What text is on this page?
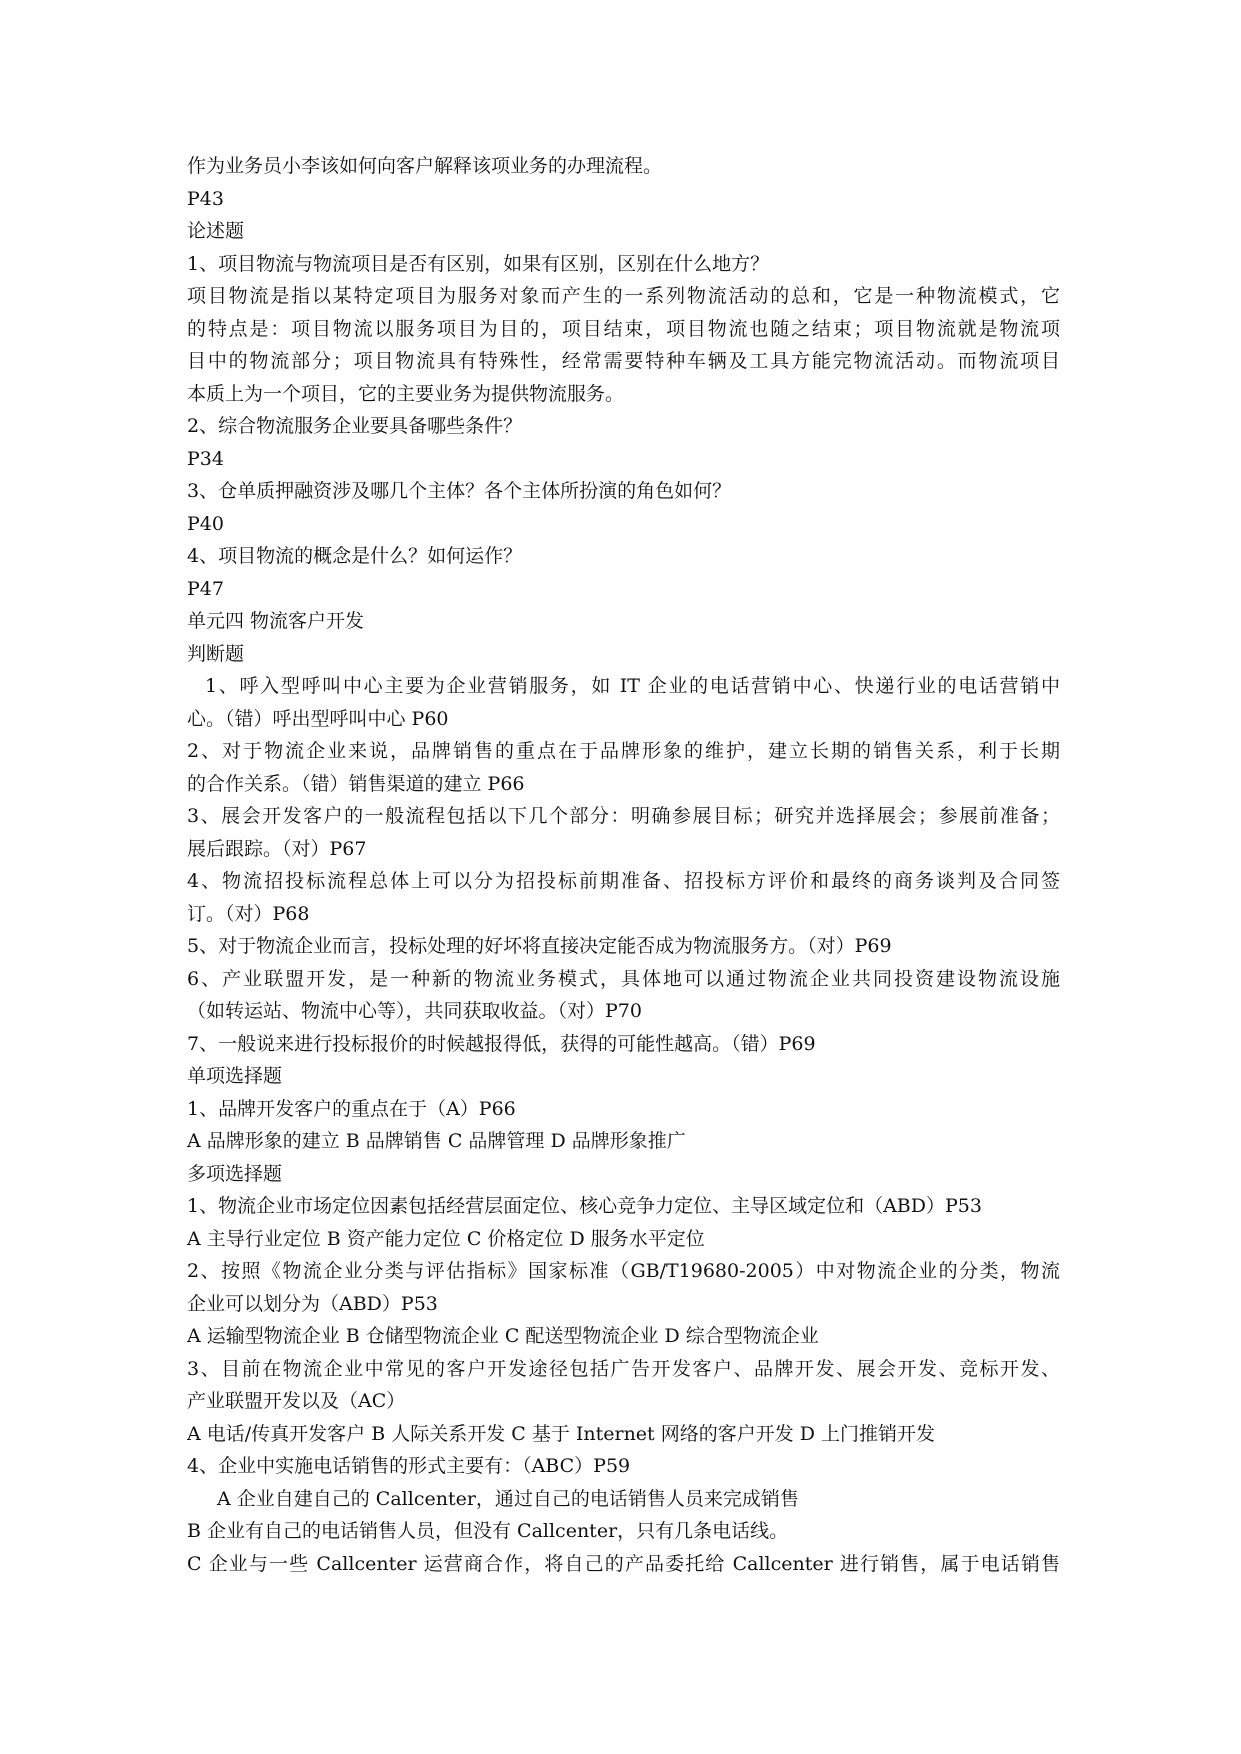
作为业务员小李该如何向客户解释该项业务的办理流程。
P43
论述题
1、项目物流与物流项目是否有区别，如果有区别，区别在什么地方？
项目物流是指以某特定项目为服务对象而产生的一系列物流活动的总和，它是一种物流模式，它
的特点是：项目物流以服务项目为目的，项目结束，项目物流也随之结束；项目物流就是物流项
目中的物流部分；项目物流具有特殊性，经常需要特种车辆及工具方能完物流活动。而物流项目
本质上为一个项目，它的主要业务为提供物流服务。
2、综合物流服务企业要具备哪些条件？
P34
3、仓单质押融资涉及哪几个主体？各个主体所扮演的角色如何？
P40
4、项目物流的概念是什么？如何运作？
P47
单元四 物流客户开发
判断题
1、呼入型呼叫中心主要为企业营销服务，如 IT 企业的电话营销中心、快递行业的电话营销中
心。（错）呼出型呼叫中心 P60
2、对于物流企业来说，品牌销售的重点在于品牌形象的维护，建立长期的销售关系，利于长期
的合作关系。（错）销售渠道的建立 P66
3、展会开发客户的一般流程包括以下几个部分：明确参展目标；研究并选择展会；参展前准备；
展后跟踪。（对）P67
4、物流招投标流程总体上可以分为招投标前期准备、招投标方评价和最终的商务谈判及合同签
订。（对）P68
5、对于物流企业而言，投标处理的好坏将直接决定能否成为物流服务方。（对）P69
6、产业联盟开发，是一种新的物流业务模式，具体地可以通过物流企业共同投资建设物流设施
（如转运站、物流中心等），共同获取收益。（对）P70
7、一般说来进行投标报价的时候越报得低，获得的可能性越高。（错）P69
单项选择题
1、品牌开发客户的重点在于（A）P66
A 品牌形象的建立 B 品牌销售 C 品牌管理 D 品牌形象推广
多项选择题
1、物流企业市场定位因素包括经营层面定位、核心竞争力定位、主导区域定位和（ABD）P53
A 主导行业定位 B 资产能力定位 C 价格定位 D 服务水平定位
2、按照《物流企业分类与评估指标》国家标准（GB/T19680-2005）中对物流企业的分类，物流
企业可以划分为（ABD）P53
A 运输型物流企业 B 仓储型物流企业 C 配送型物流企业 D 综合型物流企业
3、目前在物流企业中常见的客户开发途径包括广告开发客户、品牌开发、展会开发、竞标开发、
产业联盟开发以及（AC）
A 电话/传真开发客户 B 人际关系开发 C 基于 Internet 网络的客户开发 D 上门推销开发
4、企业中实施电话销售的形式主要有：（ABC）P59
A 企业自建自己的 Callcenter，通过自己的电话销售人员来完成销售
B 企业有自己的电话销售人员，但没有 Callcenter，只有几条电话线。
C 企业与一些 Callcenter 运营商合作，将自己的产品委托给 Callcenter 进行销售，属于电话销售
